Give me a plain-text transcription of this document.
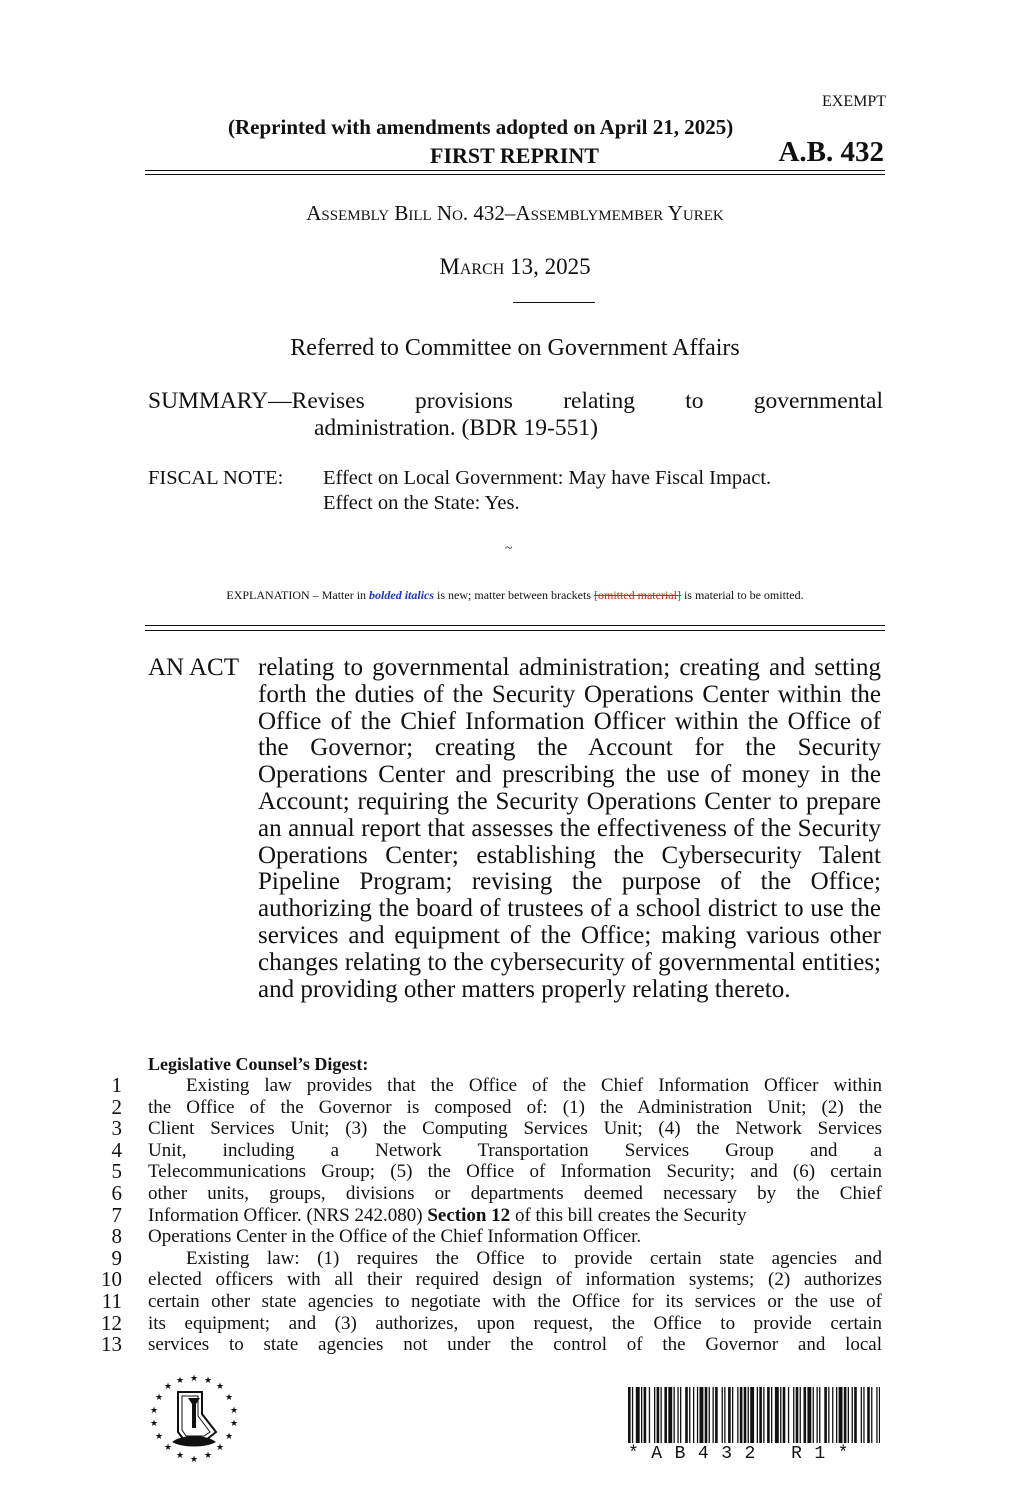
EXEMPT
(Reprinted with amendments adopted on April 21, 2025)
FIRST REPRINT	A.B. 432
Assembly Bill No. 432–Assemblymember Yurek
March 13, 2025
Referred to Committee on Government Affairs
SUMMARY—Revises provisions relating to governmental
administration. (BDR 19-551)
FISCAL NOTE:	Effect on Local Government: May have Fiscal Impact.
Effect on the State: Yes.
~
EXPLANATION – Matter in bolded italics is new; matter between brackets [omitted material] is material to be omitted.
AN ACT relating to governmental administration; creating and setting forth the duties of the Security Operations Center within the Office of the Chief Information Officer within the Office of the Governor; creating the Account for the Security Operations Center and prescribing the use of money in the Account; requiring the Security Operations Center to prepare an annual report that assesses the effectiveness of the Security Operations Center; establishing the Cybersecurity Talent Pipeline Program; revising the purpose of the Office; authorizing the board of trustees of a school district to use the services and equipment of the Office; making various other changes relating to the cybersecurity of governmental entities; and providing other matters properly relating thereto.
Legislative Counsel’s Digest:
1	Existing law provides that the Office of the Chief Information Officer within
2 the Office of the Governor is composed of: (1) the Administration Unit; (2) the
3 Client Services Unit; (3) the Computing Services Unit; (4) the Network Services
4 Unit, including a Network Transportation Services Group and a
5 Telecommunications Group; (5) the Office of Information Security; and (6) certain
6 other units, groups, divisions or departments deemed necessary by the Chief
7 Information Officer. (NRS 242.080) Section 12 of this bill creates the Security
8 Operations Center in the Office of the Chief Information Officer.
9	Existing law: (1) requires the Office to provide certain state agencies and
10 elected officers with all their required design of information systems; (2) authorizes
11 certain other state agencies to negotiate with the Office for its services or the use of
12 its equipment; and (3) authorizes, upon request, the Office to provide certain
13 services to state agencies not under the control of the Governor and local
★
★ ★
★	★
★	★
★	★
★	★
★	★
★	★
★ ★
★	*AB432 R1*
